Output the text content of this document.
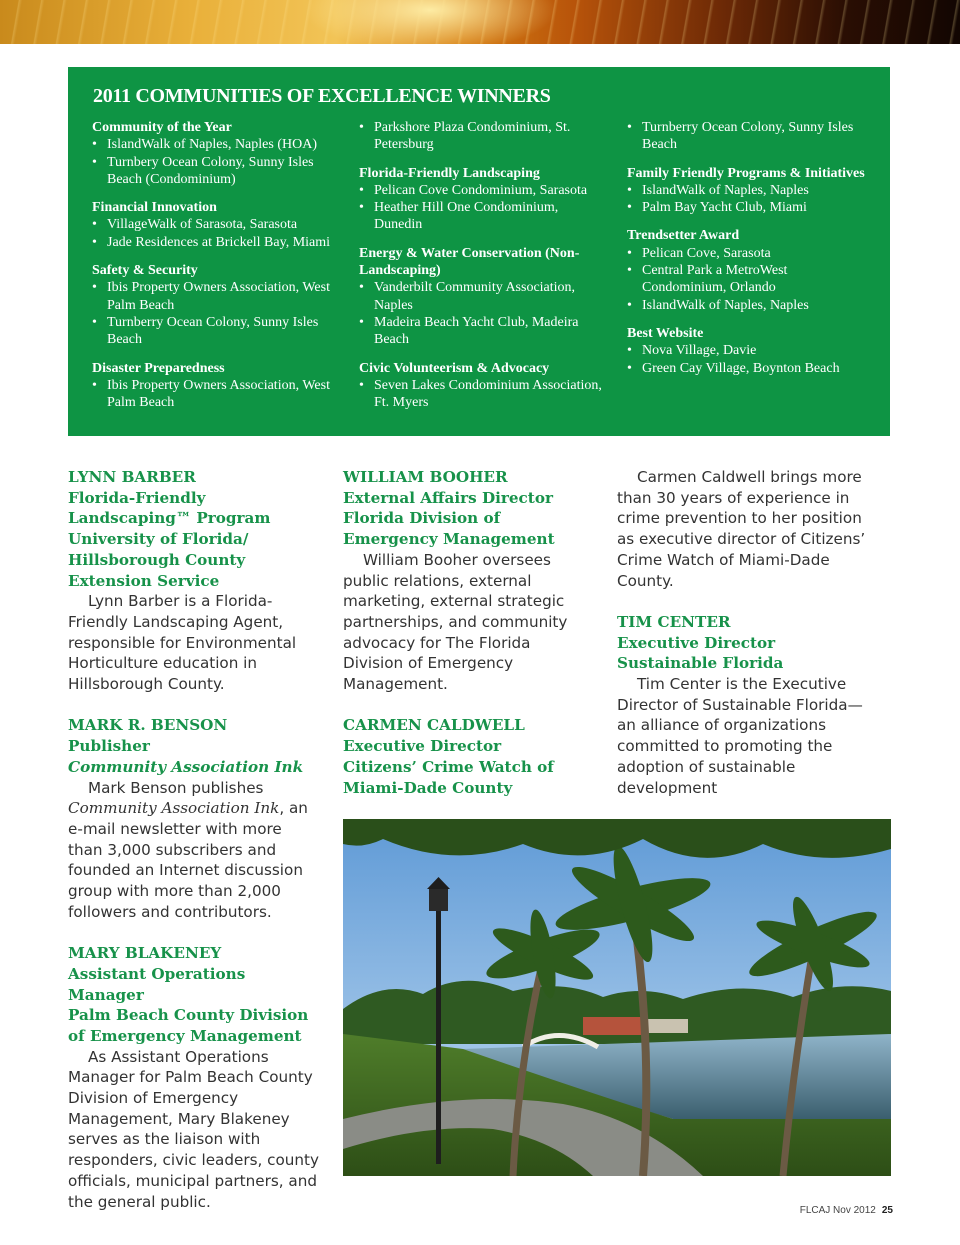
2011 COMMUNITIES OF EXCELLENCE WINNERS
Community of the Year
• IslandWalk of Naples, Naples (HOA)
• Turnbery Ocean Colony, Sunny Isles Beach (Condominium)
Financial Innovation
• VillageWalk of Sarasota, Sarasota
• Jade Residences at Brickell Bay, Miami
Safety & Security
• Ibis Property Owners Association, West Palm Beach
• Turnberry Ocean Colony, Sunny Isles Beach
Disaster Preparedness
• Ibis Property Owners Association, West Palm Beach
• Parkshore Plaza Condominium, St. Petersburg
Florida-Friendly Landscaping
• Pelican Cove Condominium, Sarasota
• Heather Hill One Condominium, Dunedin
Energy & Water Conservation (Non-Landscaping)
• Vanderbilt Community Association, Naples
• Madeira Beach Yacht Club, Madeira Beach
Civic Volunteerism & Advocacy
• Seven Lakes Condominium Association, Ft. Myers
• Turnberry Ocean Colony, Sunny Isles Beach
Family Friendly Programs & Initiatives
• IslandWalk of Naples, Naples
• Palm Bay Yacht Club, Miami
Trendsetter Award
• Pelican Cove, Sarasota
• Central Park a MetroWest Condominium, Orlando
• IslandWalk of Naples, Naples
Best Website
• Nova Village, Davie
• Green Cay Village, Boynton Beach
LYNN BARBER
Florida-Friendly
Landscaping™ Program
University of Florida/
Hillsborough County
Extension Service
Lynn Barber is a Florida-Friendly Landscaping Agent, responsible for Environmental Horticulture education in Hillsborough County.
MARK R. BENSON
Publisher
Community Association Ink
Mark Benson publishes Community Association Ink, an e-mail newsletter with more than 3,000 subscribers and founded an Internet discussion group with more than 2,000 followers and contributors.
MARY BLAKENEY
Assistant Operations Manager
Palm Beach County Division
of Emergency Management
As Assistant Operations Manager for Palm Beach County Division of Emergency Management, Mary Blakeney serves as the liaison with responders, civic leaders, county officials, municipal partners, and the general public.
WILLIAM BOOHER
External Affairs Director
Florida Division of
Emergency Management
William Booher oversees public relations, external marketing, external strategic partnerships, and community advocacy for The Florida Division of Emergency Management.
CARMEN CALDWELL
Executive Director
Citizens’ Crime Watch of
Miami-Dade County
Carmen Caldwell brings more than 30 years of experience in crime prevention to her position as executive director of Citizens’ Crime Watch of Miami-Dade County.
TIM CENTER
Executive Director
Sustainable Florida
Tim Center is the Executive Director of Sustainable Florida—an alliance of organizations committed to promoting the adoption of sustainable development
FLCAJ Nov 2012 25
